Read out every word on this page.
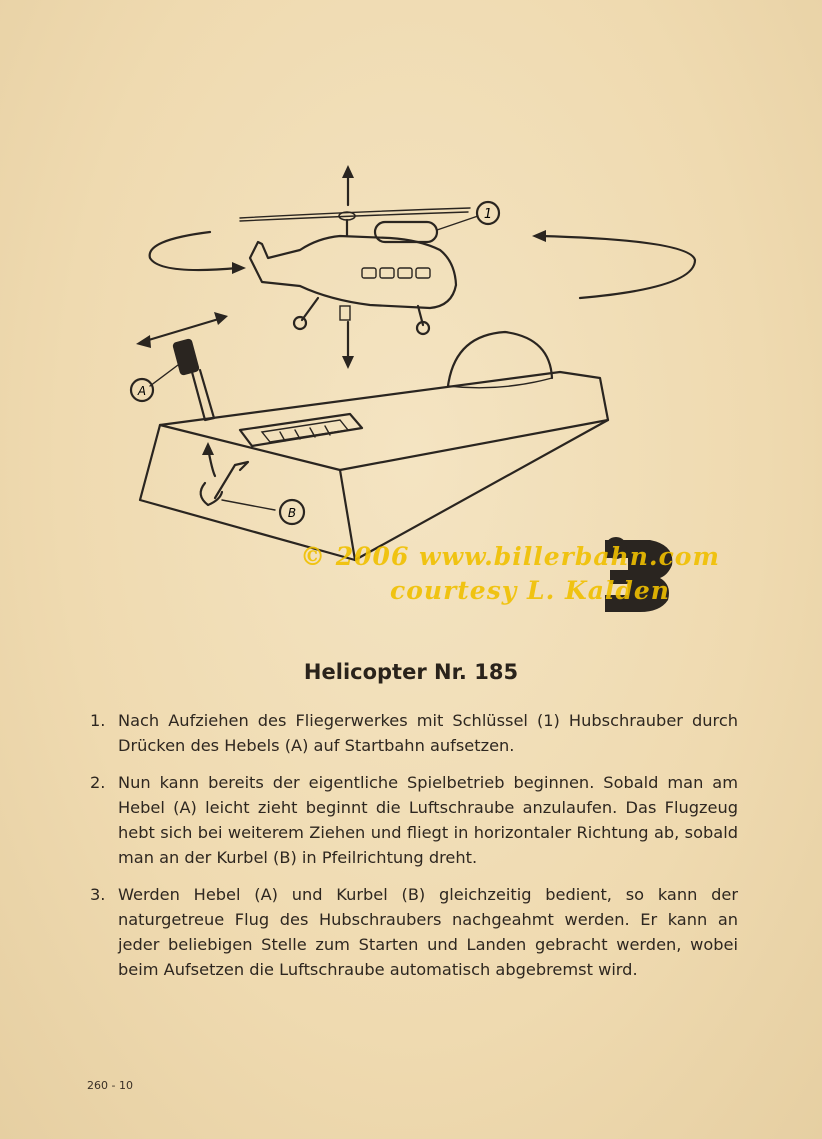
1
A
B
© 2006 www.billerbahn.com
courtesy L. Kalden
Helicopter Nr. 185
1. Nach Aufziehen des Fliegerwerkes mit Schlüssel (1) Hubschrauber durch Drücken des Hebels (A) auf Startbahn aufsetzen.
2. Nun kann bereits der eigentliche Spielbetrieb beginnen. Sobald man am Hebel (A) leicht zieht beginnt die Luftschraube anzulaufen. Das Flugzeug hebt sich bei weiterem Ziehen und fliegt in horizontaler Richtung ab, sobald man an der Kurbel (B) in Pfeilrichtung dreht.
3. Werden Hebel (A) und Kurbel (B) gleichzeitig bedient, so kann der naturgetreue Flug des Hubschraubers nachgeahmt werden. Er kann an jeder beliebigen Stelle zum Starten und Landen gebracht werden, wobei beim Aufsetzen die Luftschraube automatisch abgebremst wird.
260 - 10
